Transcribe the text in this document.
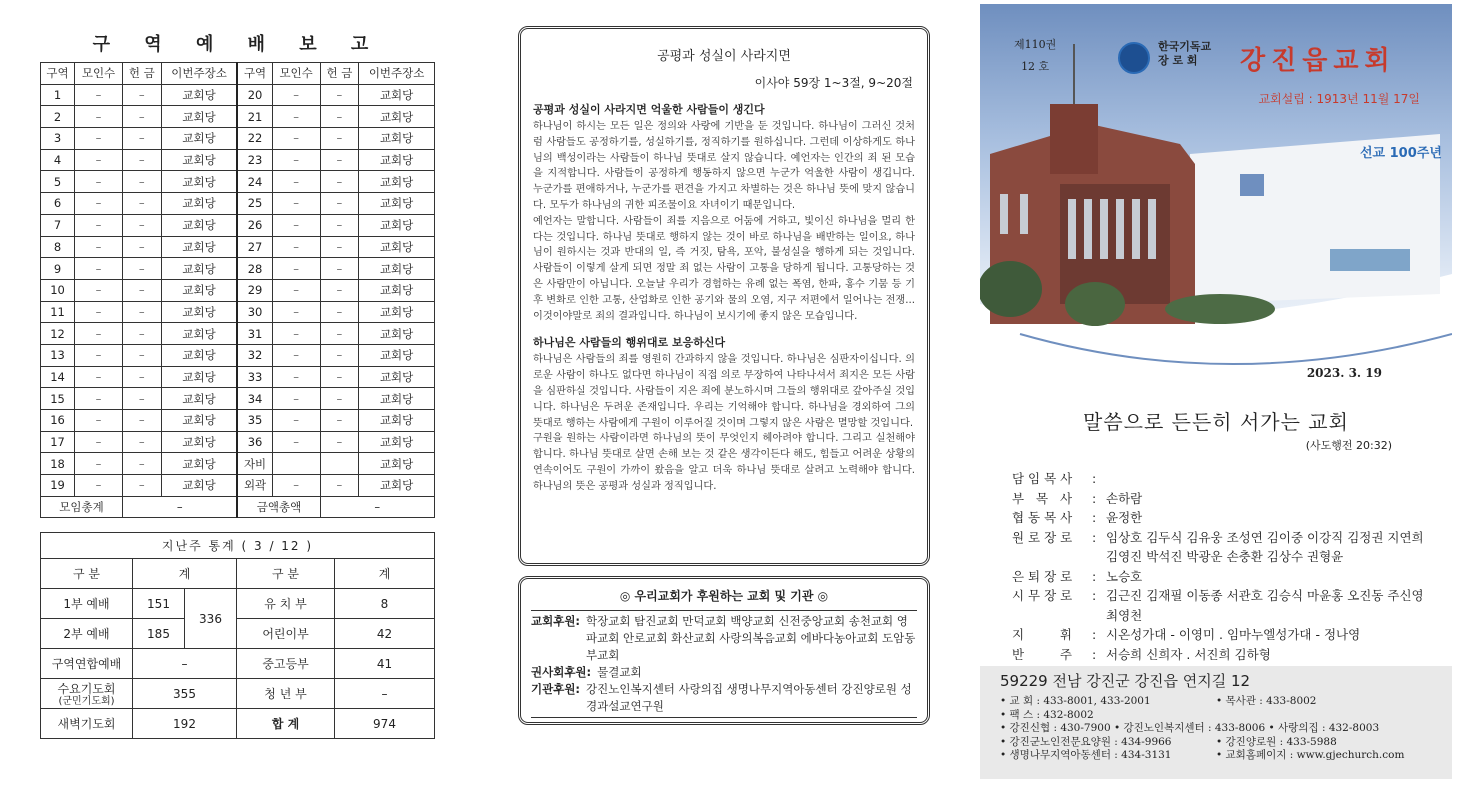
구 역 예 배 보 고
구역	모인수	헌 금	이번주장소	구역	모인수	헌 금	이번주장소
1	–	–	교회당	20	–	–	교회당
2	–	–	교회당	21	–	–	교회당
3	–	–	교회당	22	–	–	교회당
4	–	–	교회당	23	–	–	교회당
5	–	–	교회당	24	–	–	교회당
6	–	–	교회당	25	–	–	교회당
7	–	–	교회당	26	–	–	교회당
8	–	–	교회당	27	–	–	교회당
9	–	–	교회당	28	–	–	교회당
10	–	–	교회당	29	–	–	교회당
11	–	–	교회당	30	–	–	교회당
12	–	–	교회당	31	–	–	교회당
13	–	–	교회당	32	–	–	교회당
14	–	–	교회당	33	–	–	교회당
15	–	–	교회당	34	–	–	교회당
16	–	–	교회당	35	–	–	교회당
17	–	–	교회당	36	–	–	교회당
18	–	–	교회당	자비			교회당
19	–	–	교회당	외곽	–	–	교회당
모임총계		–		금액총액		–	
지난주 통계 ( 3 / 12 )				
구 분	계		구 분	계
1부 예배	151	336	유 치 부	8
2부 예배	185		어린이부	42
구역연합예배	–		중고등부	41
수요기도회
(군민기도회)	355		청 년 부	–
새벽기도회	192		합 계	974
공평과 성실이 사라지면
이사야 59장 1~3절, 9~20절
공평과 성실이 사라지면 억울한 사람들이 생긴다

하나님이 하시는 모든 일은 정의와 사랑에 기반을 둔 것입니다. 하나님이 그러신 것처럼 사람들도 공정하기를, 성실하기를, 정직하기를 원하십니다. 그런데 이상하게도 하나님의 백성이라는 사람들이 하나님 뜻대로 살지 않습니다. 예언자는 인간의 죄 된 모습을 지적합니다. 사람들이 공정하게 행동하지 않으면 누군가 억울한 사람이 생깁니다. 누군가를 편애하거나, 누군가를 편견을 가지고 차별하는 것은 하나님 뜻에 맞지 않습니다. 모두가 하나님의 귀한 피조물이요 자녀이기 때문입니다.

예언자는 말합니다. 사람들이 죄를 지음으로 어둠에 거하고, 빛이신 하나님을 멀리 한다는 것입니다. 하나님 뜻대로 행하지 않는 것이 바로 하나님을 배반하는 일이요, 하나님이 원하시는 것과 반대의 일, 즉 거짓, 탐욕, 포악, 불성실을 행하게 되는 것입니다. 사람들이 이렇게 살게 되면 정말 죄 없는 사람이 고통을 당하게 됩니다. 고통당하는 것은 사람만이 아닙니다. 오늘날 우리가 경험하는 유례 없는 폭염, 한파, 홍수 기뭄 등 기후 변화로 인한 고통, 산업화로 인한 공기와 물의 오염, 지구 저편에서 일어나는 전쟁... 이것이야말로 죄의 결과입니다. 하나님이 보시기에 좋지 않은 모습입니다.

하나님은 사람들의 행위대로 보응하신다

하나님은 사람들의 죄를 영원히 간과하지 않을 것입니다. 하나님은 심판자이십니다. 의로운 사람이 하나도 없다면 하나님이 직접 의로 무장하여 나타나셔서 죄지은 모든 사람을 심판하실 것입니다. 사람들이 지은 죄에 분노하시며 그들의 행위대로 갚아주실 것입니다. 하나님은 두려운 존재입니다. 우리는 기억해야 합니다. 하나님을 경외하여 그의 뜻대로 행하는 사람에게 구원이 이루어질 것이며 그렇지 않은 사람은 멸망할 것입니다.

구원을 원하는 사람이라면 하나님의 뜻이 무엇인지 헤아려야 합니다. 그리고 실천해야 합니다. 하나님 뜻대로 살면 손해 보는 것 같은 생각이든다 해도, 힘들고 어려운 상황의 연속이어도 구원이 가까이 왔음을 알고 더욱 하나님 뜻대로 살려고 노력해야 합니다. 하나님의 뜻은 공평과 성실과 정직입니다.

◎ 우리교회가 후원하는 교회 및 기관 ◎
교회후원: 학장교회 탐진교회 만덕교회 백양교회 신전중앙교회 송천교회 영파교회 안로교회 화산교회 사랑의복음교회 에바다농아교회 도암동부교회
권사회후원: 물결교회
기관후원: 강진노인복지센터 사랑의집 생명나무지역아동센터 강진양로원 성경과설교연구원
제110권
12 호
한국기독교
장 로 회	강진읍교회
교회설립 : 1913년 11월 17일
선교 100주년
2023. 3. 19
말씀으로 든든히 서가는 교회
(사도행전 20:32)
담 임 목 사	:
부   목   사	: 손하람
협 동 목 사	: 윤정한
원 로 장 로	: 임상호 김두식 김유웅 조성연 김이중 이강직 김정권 지연희 김영진 박석진 박광운 손충환 김상수 권형윤
은 퇴 장 로	: 노승호
시 무 장 로	: 김근진 김재필 이동종 서관호 김승식 마윤홍 오진동 주신영 최영천
지         휘	: 시온성가대 - 이영미 . 임마누엘성가대 - 정나영
반         주	: 서승희 신희자 . 서진희 김하형
59229 전남 강진군 강진읍 연지길 12
• 교 회 : 433-8001, 433-2001	• 목사관 : 433-8002
• 팩 스 : 432-8002
• 강진신협 : 430-7900 • 강진노인복지센터 : 433-8006 • 사랑의집 : 432-8003
• 강진군노인전문요양원 : 434-9966	• 강진양로원 : 433-5988
• 생명나무지역아동센터 : 434-3131	• 교회홈페이지 : www.gjechurch.com
